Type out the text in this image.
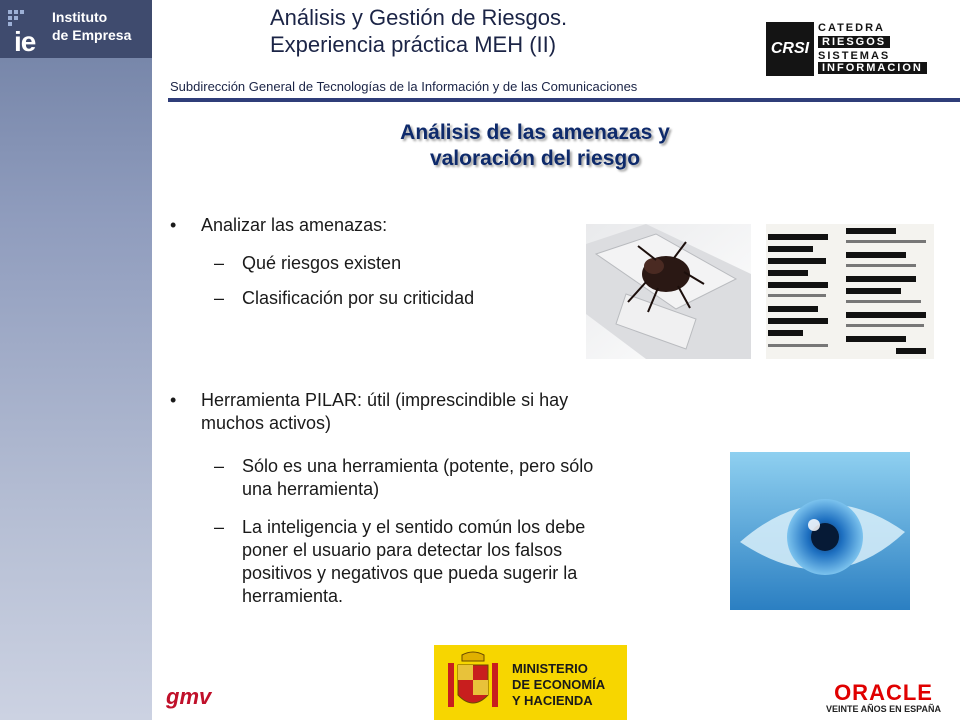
ie
Instituto
de Empresa
Análisis y Gestión de Riesgos.
Experiencia práctica MEH (II)
Subdirección General de Tecnologías de la Información y de las Comunicaciones
CRSI
CATEDRA
RIESGOS
SISTEMAS
INFORMACION
Análisis de las amenazas y
valoración del riesgo
• Analizar las amenazas:
– Qué riesgos existen
– Clasificación por su criticidad
• Herramienta PILAR: útil (imprescindible si hay
muchos activos)
– Sólo es una herramienta (potente, pero sólo
una herramienta)
– La inteligencia y el sentido común los debe
poner el usuario para detectar los falsos
positivos y negativos que pueda sugerir la
herramienta.
gmv
MINISTERIO
DE ECONOMÍA
Y HACIENDA	ORACLE
VEINTE AÑOS EN ESPAÑA
